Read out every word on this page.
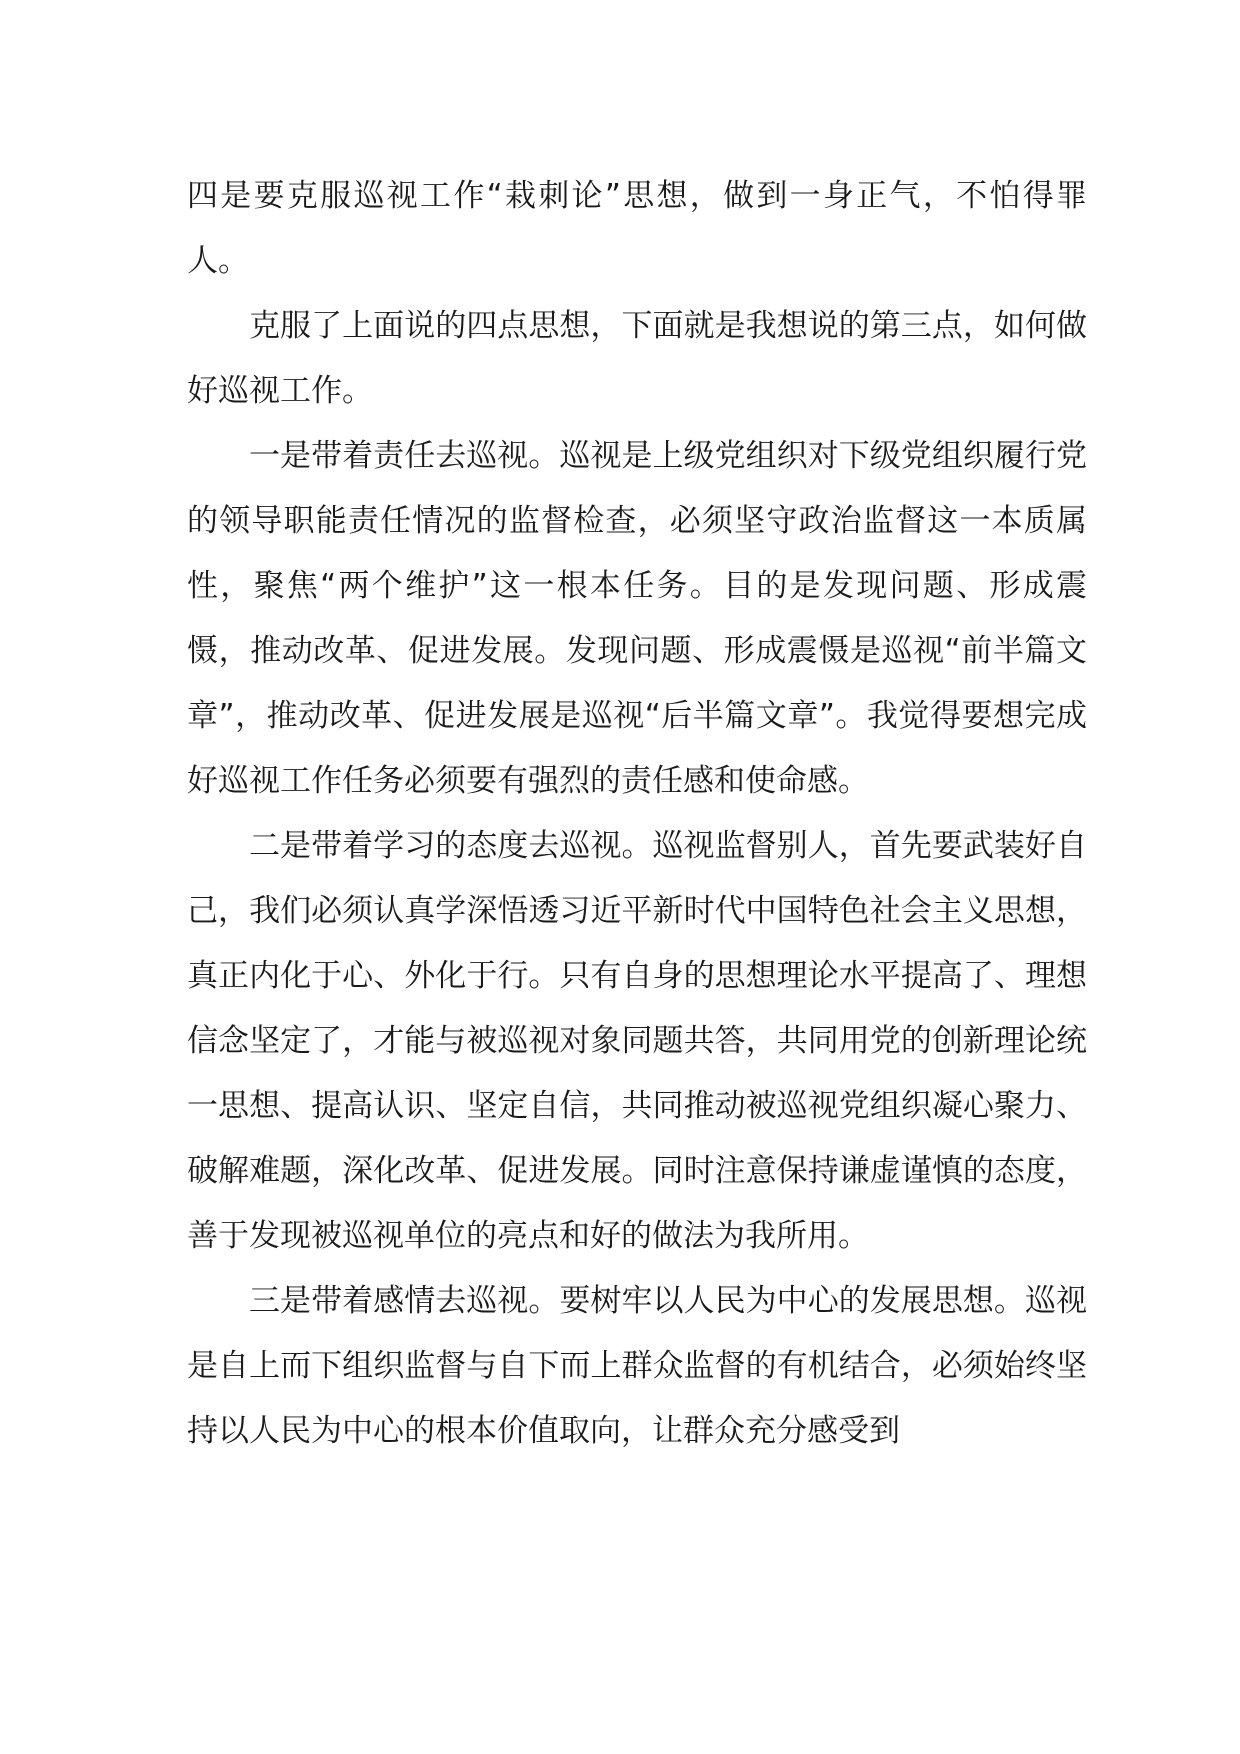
四是要克服巡视工作“栽刺论”思想，做到一身正气，不怕得罪人。

克服了上面说的四点思想，下面就是我想说的第三点，如何做好巡视工作。

一是带着责任去巡视。巡视是上级党组织对下级党组织履行党的领导职能责任情况的监督检查，必须坚守政治监督这一本质属性，聚焦“两个维护”这一根本任务。目的是发现问题、形成震慑，推动改革、促进发展。发现问题、形成震慑是巡视“前半篇文章”，推动改革、促进发展是巡视“后半篇文章”。我觉得要想完成好巡视工作任务必须要有强烈的责任感和使命感。

二是带着学习的态度去巡视。巡视监督别人，首先要武装好自己，我们必须认真学深悟透习近平新时代中国特色社会主义思想，真正内化于心、外化于行。只有自身的思想理论水平提高了、理想信念坚定了，才能与被巡视对象同题共答，共同用党的创新理论统一思想、提高认识、坚定自信，共同推动被巡视党组织凝心聚力、破解难题，深化改革、促进发展。同时注意保持谦虚谨慎的态度，善于发现被巡视单位的亮点和好的做法为我所用。

三是带着感情去巡视。要树牢以人民为中心的发展思想。巡视是自上而下组织监督与自下而上群众监督的有机结合，必须始终坚持以人民为中心的根本价值取向，让群众充分感受到
